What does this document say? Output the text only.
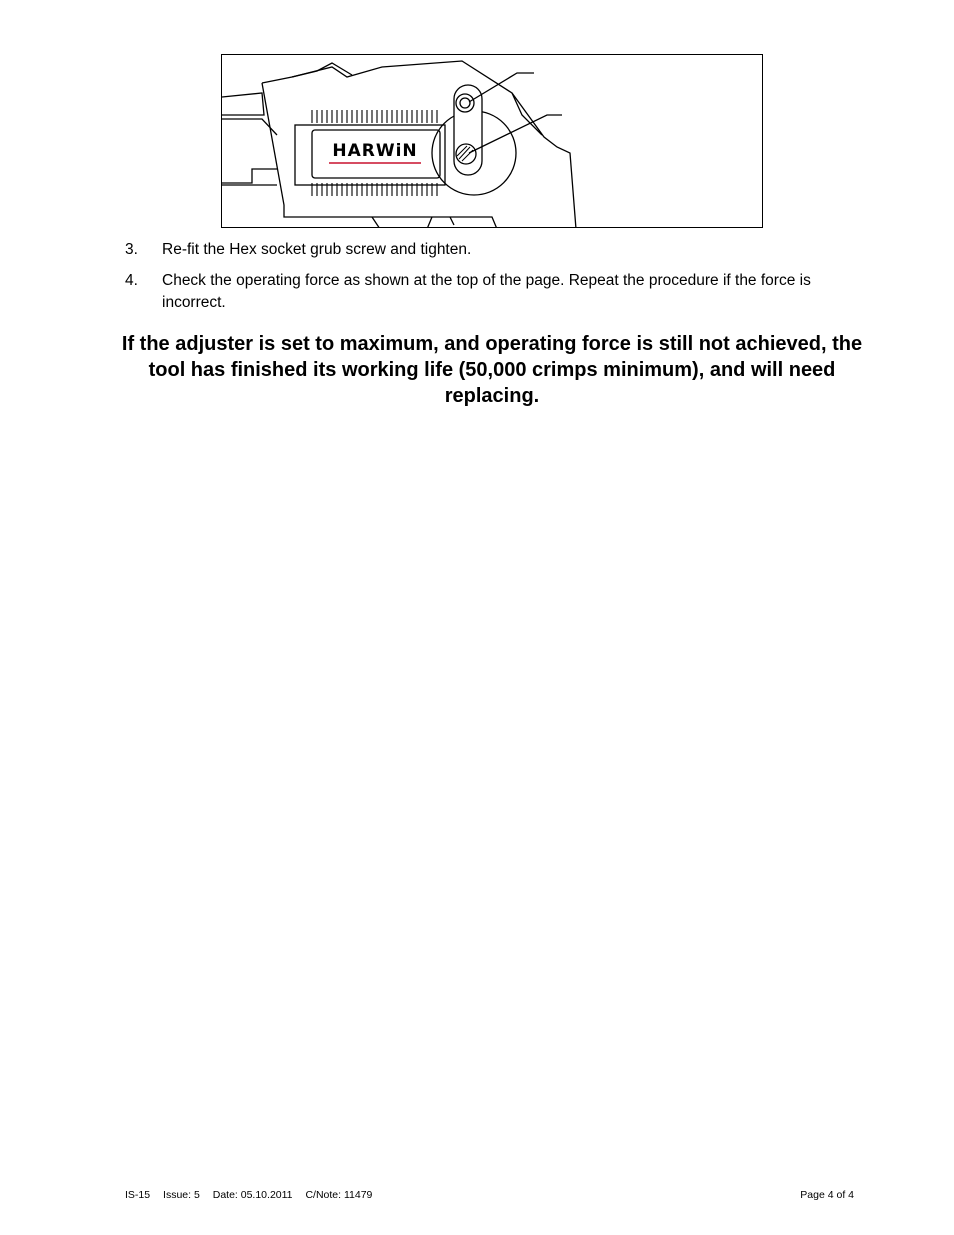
HARWiN
3. Re-fit the Hex socket grub screw and tighten.
4. Check the operating force as shown at the top of the page. Repeat the procedure if the force is incorrect.
If the adjuster is set to maximum, and operating force is still not achieved, the tool has finished its working life (50,000 crimps minimum), and will need replacing.
IS-15 Issue: 5 Date: 05.10.2011 C/Note: 11479	Page 4 of 4
